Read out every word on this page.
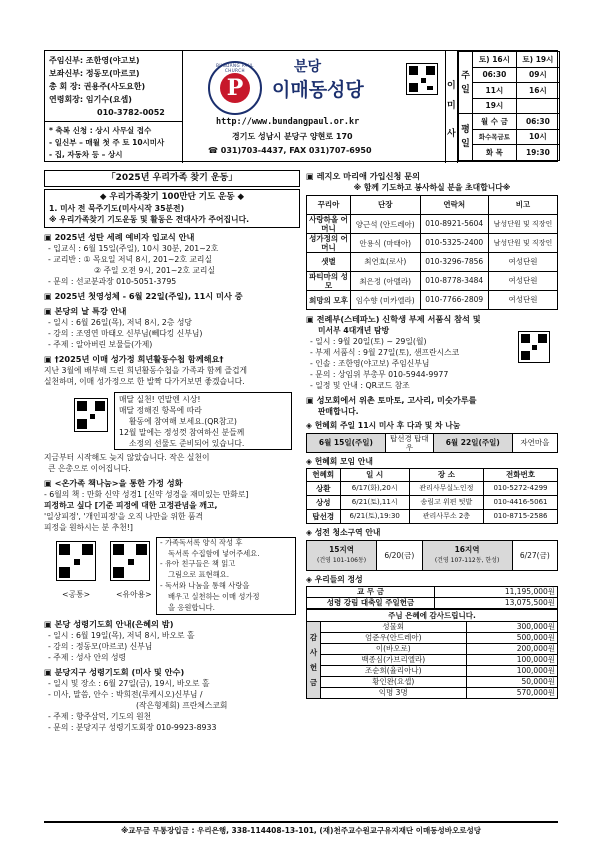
주임신부: 조한영(야고보)
보좌신부: 정동모(마르코)
총 회 장: 권용주(사도요한)
연령회장: 임기수(요셉)
010-3782-0052
* 축복 신청 : 상시 사무실 접수
- 일신부 – 매월 첫 주 토 10시미사
- 집, 자동차 등 – 상시
BUNDANG PAUL CHURCH
P
분당
이매동성당
http://www.bundangpaul.or.kr
경기도 성남시 분당구 양현로 170
☎ 031)703-4437, FAX 031)707-6950
이
미
사
주
일	토) 16시	토) 19시
	06:30	09시
	11시	16시
	19시	
평
일	월 수 금	06:30
	화수목금토	10시
	화 목	19:30
「2025년 우리가족 찾기 운동」
◆ 우리가족찾기 100만단 기도 운동 ◆
1. 미사 전 묵주기도(미사시작 35분전)
※ 우리가족찾기 기도운동 및 활동은 전대사가 주어집니다.
▣ 2025년 성탄 세례 예비자 입교식 안내
- 입교식 : 6월 15일(주일), 10시 30분, 201~2호
- 교리반 : ① 목요일 저녁 8시, 201~2호 교리실
② 주일 오전 9시, 201~2호 교리실
- 문의 : 선교분과장 010-5051-3795
▣ 2025년 첫영성체 - 6월 22일(주일), 11시 미사 중
▣ 본당의 날 특강 안내
- 일시 : 6월 26일(목), 저녁 8시, 2층 성당
- 강의 : 조영연 마태오 신부님(뻬다킹 신부님)
- 주제 : 알아버린 보물들(가제)
▣ †2025년 이매 성가정 희년활동수첩 함께해요†
지난 3월에 배부해 드린 희년활동수첩을 가족과 함께 즐겁게
실천하며, 이매 성가정으로 한 발짝 다가거보면 좋겠습니다.
매달 실천! 연말엔 시상!
매달 정해진 항목에 따라
활동에 참여해 보세요.(QR참고)
12월 말에는 정성껏 참여하신 분들께
소정의 선물도 준비되어 있습니다.
지금부터 시작해도 늦지 않았습니다. 작은 실천이
큰 은총으로 이어집니다.
▣ <온가족 책나눔>을 통한 가정 성화
- 6월의 책 : 만화 신약 성경1 [신약 성경을 재미있는 만화로]
피정하고 싶다 [기준 피정에 대한 고정관념을 깨고,
'일상피정', '개인피정'을 오직 나만을 위한 품격
피정을 원하시는 분 추천!]
<공통>	<유아용>
- 가족독서록 양식 작성 후
독서록 수집함에 넣어주세요.
- 유아 친구들은 책 읽고
그림으로 표현해요.
- 독서와 나눔을 통해 사랑을
배우고 실천하는 이매 성가정
을 응원합니다.
▣ 본당 성령기도회 안내(은혜의 밤)
- 일시 : 6월 19일(목), 저녁 8시, 바오로 홀
- 강의 : 정동모(마르코) 신부님
- 주제 : 성사 안의 성령
▣ 분당지구 성령기도회 (미사 및 안수)
- 일시 및 장소 : 6월 27일(금), 19시, 바오로 홀
- 미사, 말씀, 안수 : 박희전(루케시오)신부님 /
(작은형제회) 프란체스코회
- 주제 : 향주삼덕, 기도의 원천
- 문의 : 분당지구 성령기도회장 010-9923-8933
▣ 레지오 마리애 가입신청 문의
※ 함께 기도하고 봉사하실 분을 초대합니다※
꾸리아	단장	연락처	비고
사랑하올 어머니	양근석 (안드레아)	010-8921-5604	남성단원 및 직장인
성가정의 어머니	안용식 (마태아)	010-5325-2400	남성단원 및 직장인
샛별	최연효(로사)	010-3296-7856	여성단원
파티마의 성모	최은정 (아멜라)	010-8778-3484	여성단원
희망의 모후	임수향 (미카엘라)	010-7766-2809	여성단원
▣ 전례부(스테파노) 신학생 부제 서품식 참석 및
미서부 4대개년 탐방
- 일시 : 9월 20일(토) ~ 29일(월)
- 부제 서품식 : 9월 27일(토), 샌프란시스코
- 인솔 : 조한영(야고보) 주임신부님
- 문의 : 상임위 부총무 010-5944-9977
- 일정 및 안내 : QR코드 참조
▣ 성모회에서 위촌 토마토, 고사리, 미숫가루를
판매합니다.
◈ 헌혜회 주일 11시 미사 후 다과 및 차 나눔
6월 15일(주일)	탑선경 탑대우	6월 22일(주일)	자연마을
◈ 헌혜회 모임 안내
헌혜회	일 시	장 소	전화번호
상환	6/17(화),20시	관리사무실노인정	010-5272-4299
상성	6/21(토),11시	송림고 위편 텃밭	010-4416-5061
탑선경	6/21(토),19:30	관리사무소 2층	010-8715-2586
◈ 성전 청소구역 안내
15지역
(건영 101-106동)	6/20(금)	16지역
(건영 107-112동, 한성)	6/27(금)
◈ 우리들의 정성
교 무 금	11,195,000원
성령 강림 대축일 주일헌금	13,075,500원
주님 은혜에 감사드립니다.		
감
사
헌
금	성물회	300,000원
	엄준우(안드레아)	500,000원
	이(바오로)	200,000원
	백종심(가브리엘라)	100,000원
	조순희(율리아나)	100,000원
	황인완(요셉)	50,000원
	익명 3명	570,000원
※교무금 무통장입금 : 우리은행, 338-114408-13-101, (재)천주교수원교구유지재단 이매동성바오로성당
